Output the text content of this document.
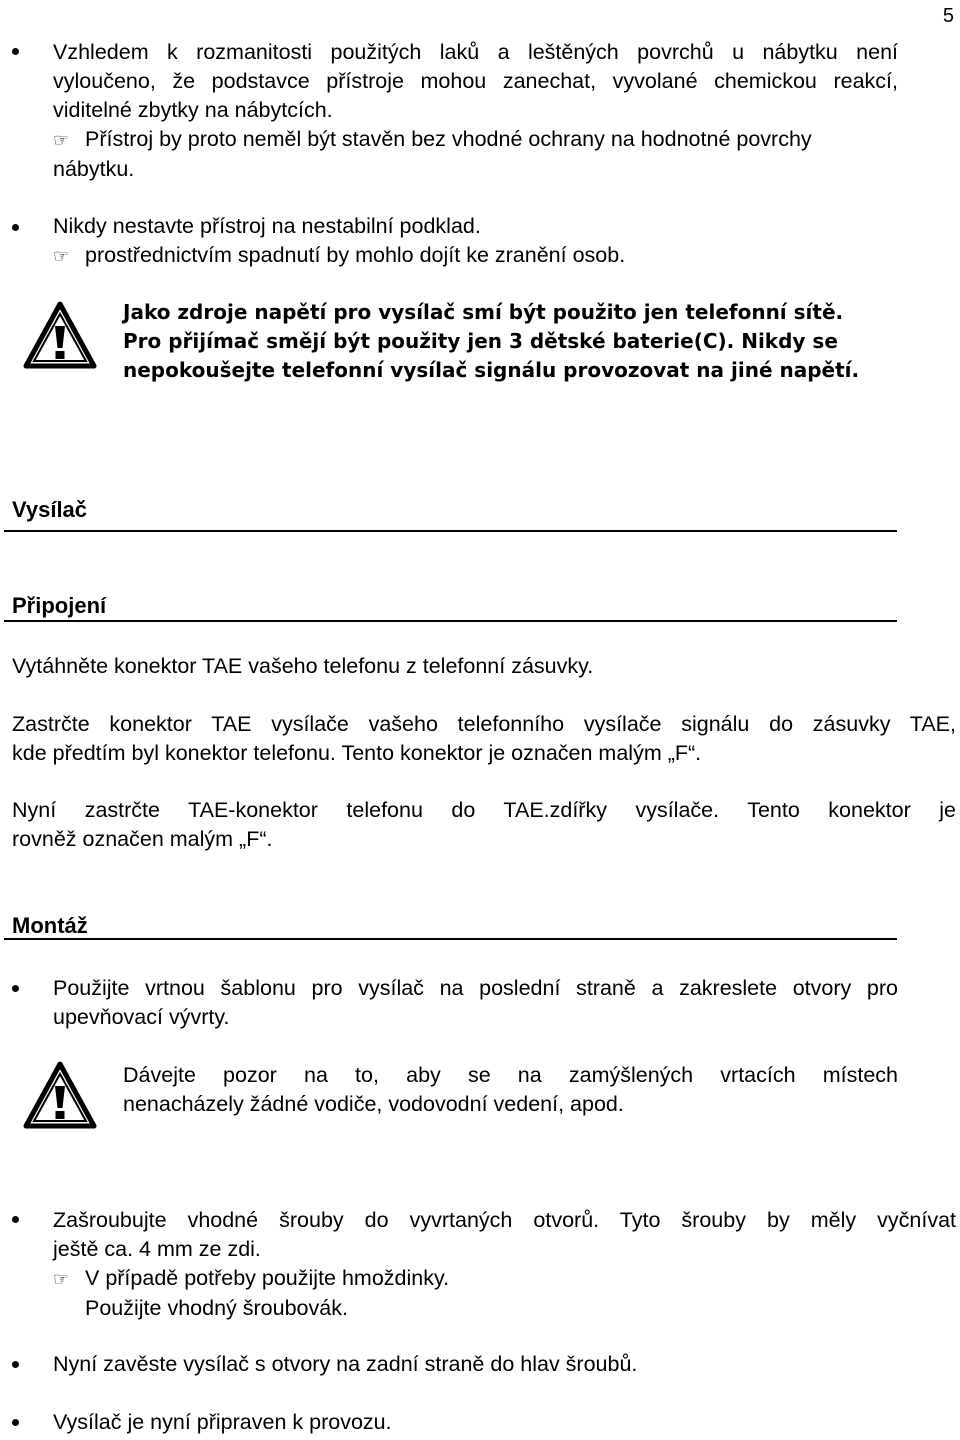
5
Vzhledem k rozmanitosti použitých laků a leštěných povrchů u nábytku není
vyloučeno, že podstavce přístroje mohou zanechat, vyvolané chemickou reakcí,
viditelné zbytky na nábytcích.
☞ Přístroj by proto neměl být stavěn bez vhodné ochrany na hodnotné povrchy
nábytku.
Nikdy nestavte přístroj na nestabilní podklad.
☞ prostřednictvím spadnutí by mohlo dojít ke zranění osob.
Jako zdroje napětí pro vysílač smí být použito jen telefonní sítě.
Pro přijímač smějí být použity jen 3 dětské baterie(C). Nikdy se
nepokoušejte telefonní vysílač signálu provozovat na jiné napětí.
Vysílač
Připojení
Vytáhněte konektor TAE vašeho telefonu z telefonní zásuvky.
Zastrčte konektor TAE vysílače vašeho telefonního vysílače signálu do zásuvky TAE,
kde předtím byl konektor telefonu. Tento konektor je označen malým „F“.
Nyní zastrčte TAE-konektor telefonu do TAE.zdířky vysílače. Tento konektor je
rovněž označen malým „F“.
Montáž
Použijte vrtnou šablonu pro vysílač na poslední straně a zakreslete otvory pro
upevňovací vývrty.
Dávejte pozor na to, aby se na zamýšlených vrtacích místech
nenacházely žádné vodiče, vodovodní vedení, apod.
Zašroubujte vhodné šrouby do vyvrtaných otvorů. Tyto šrouby by měly vyčnívat
ještě ca. 4 mm ze zdi.
☞ V případě potřeby použijte hmoždinky.
Použijte vhodný šroubovák.
Nyní zavěste vysílač s otvory na zadní straně do hlav šroubů.
Vysílač je nyní připraven k provozu.
